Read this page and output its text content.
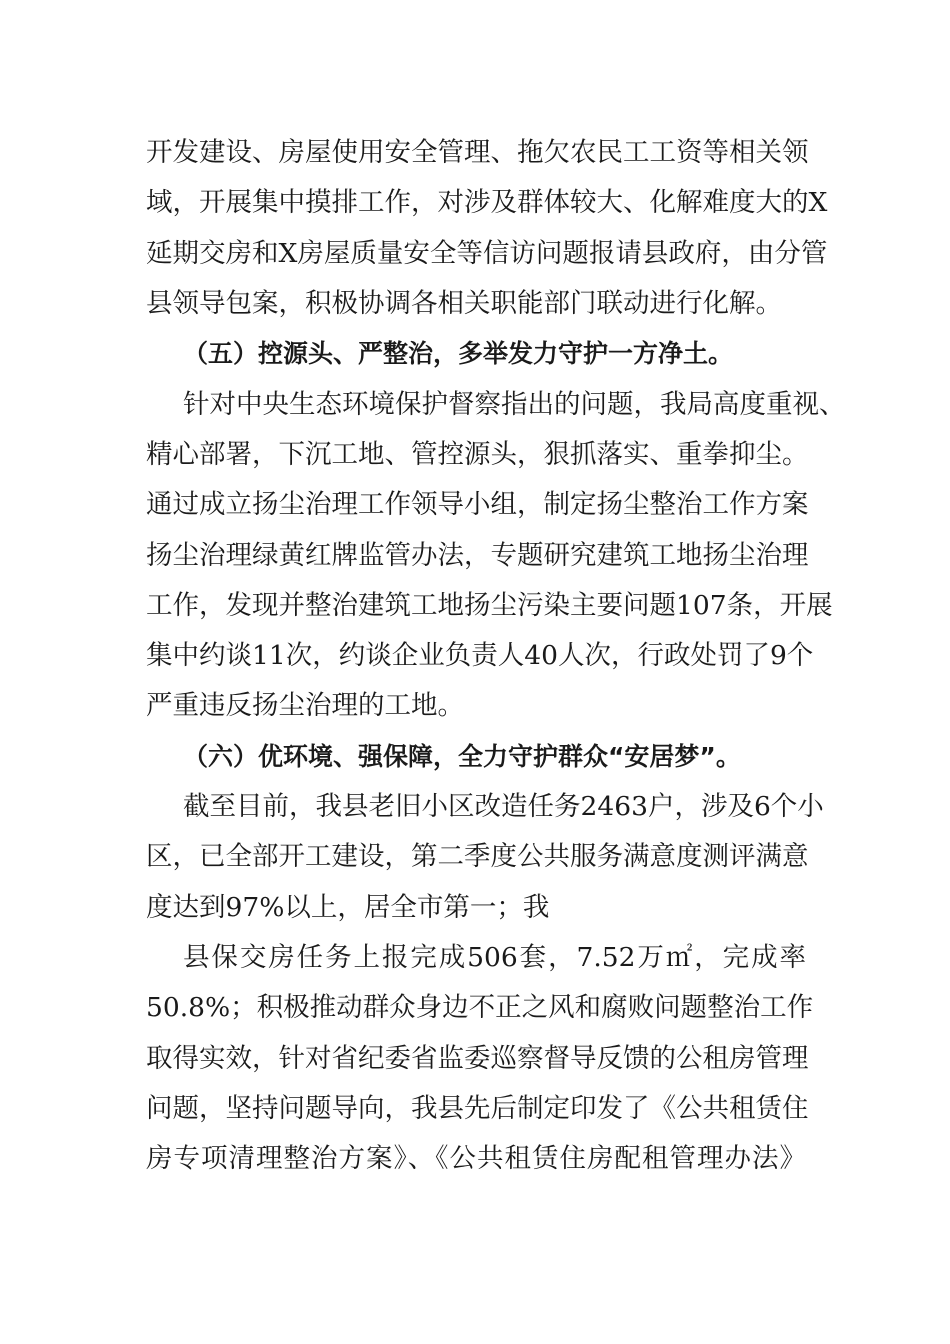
开发建设、房屋使用安全管理、拖欠农民工工资等相关领
域，开展集中摸排工作，对涉及群体较大、化解难度大的X
延期交房和X房屋质量安全等信访问题报请县政府，由分管
县领导包案，积极协调各相关职能部门联动进行化解。
（五）控源头、严整治，多举发力守护一方净土。
针对中央生态环境保护督察指出的问题，我局高度重视、
精心部署，下沉工地、管控源头，狠抓落实、重拳抑尘。
通过成立扬尘治理工作领导小组，制定扬尘整治工作方案
扬尘治理绿黄红牌监管办法，专题研究建筑工地扬尘治理
工作，发现并整治建筑工地扬尘污染主要问题107条，开展
集中约谈11次，约谈企业负责人40人次，行政处罚了9个
严重违反扬尘治理的工地。
（六）优环境、强保障，全力守护群众“安居梦”。
截至目前，我县老旧小区改造任务2463户，涉及6个小
区，已全部开工建设，第二季度公共服务满意度测评满意
度达到97%以上，居全市第一；我
县保交房任务上报完成506套，7.52万㎡，完成率
50.8%；积极推动群众身边不正之风和腐败问题整治工作
取得实效，针对省纪委省监委巡察督导反馈的公租房管理
问题，坚持问题导向，我县先后制定印发了《公共租赁住
房专项清理整治方案》、《公共租赁住房配租管理办法》
